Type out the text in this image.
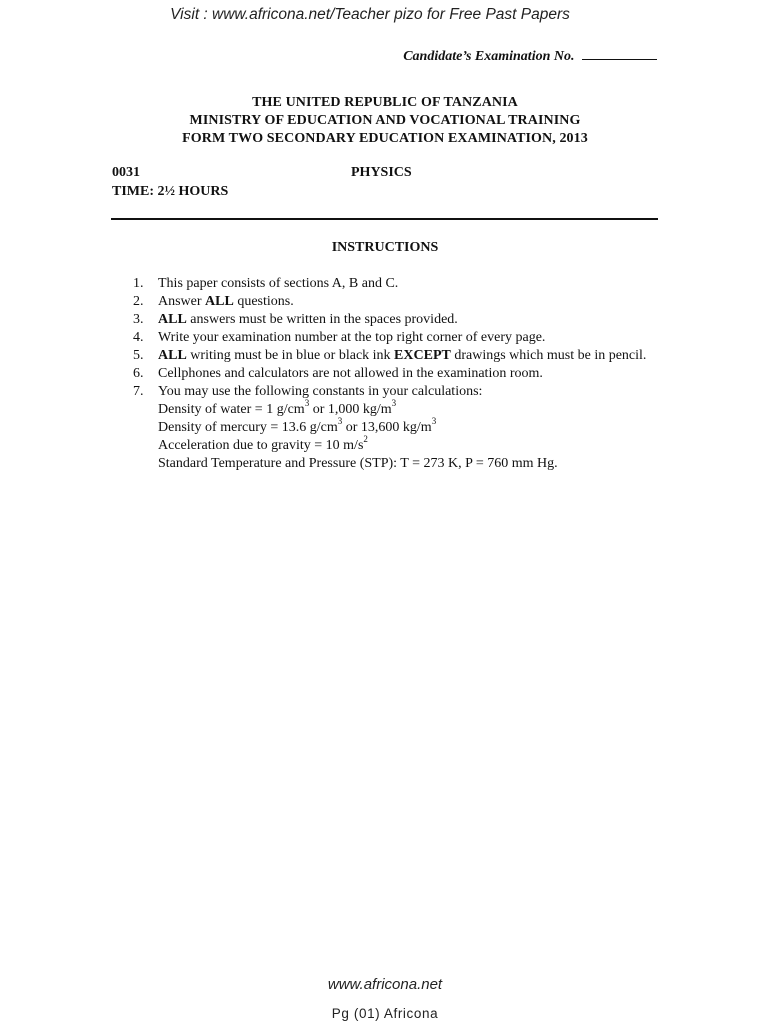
Visit : www.africona.net/Teacher pizo for Free Past Papers
Candidate’s Examination No.
THE UNITED REPUBLIC OF TANZANIA
MINISTRY OF EDUCATION AND VOCATIONAL TRAINING
FORM TWO SECONDARY EDUCATION EXAMINATION, 2013
0031	PHYSICS
TIME: 2½ HOURS
INSTRUCTIONS
1. This paper consists of sections A, B and C.
2. Answer ALL questions.
3. ALL answers must be written in the spaces provided.
4. Write your examination number at the top right corner of every page.
5. ALL writing must be in blue or black ink EXCEPT drawings which must be in pencil.
6. Cellphones and calculators are not allowed in the examination room.
7. You may use the following constants in your calculations:
Density of water = 1 $g/cm^3$ or 1,000 $kg/m^3$
Density of mercury = 13.6 $g/cm^3$ or 13,600 $kg/m^3$
Acceleration due to gravity = 10 $m/s^2$
Standard Temperature and Pressure (STP): T = 273 K, P = 760 mm Hg.
www.africona.net
Pg (01) Africona
